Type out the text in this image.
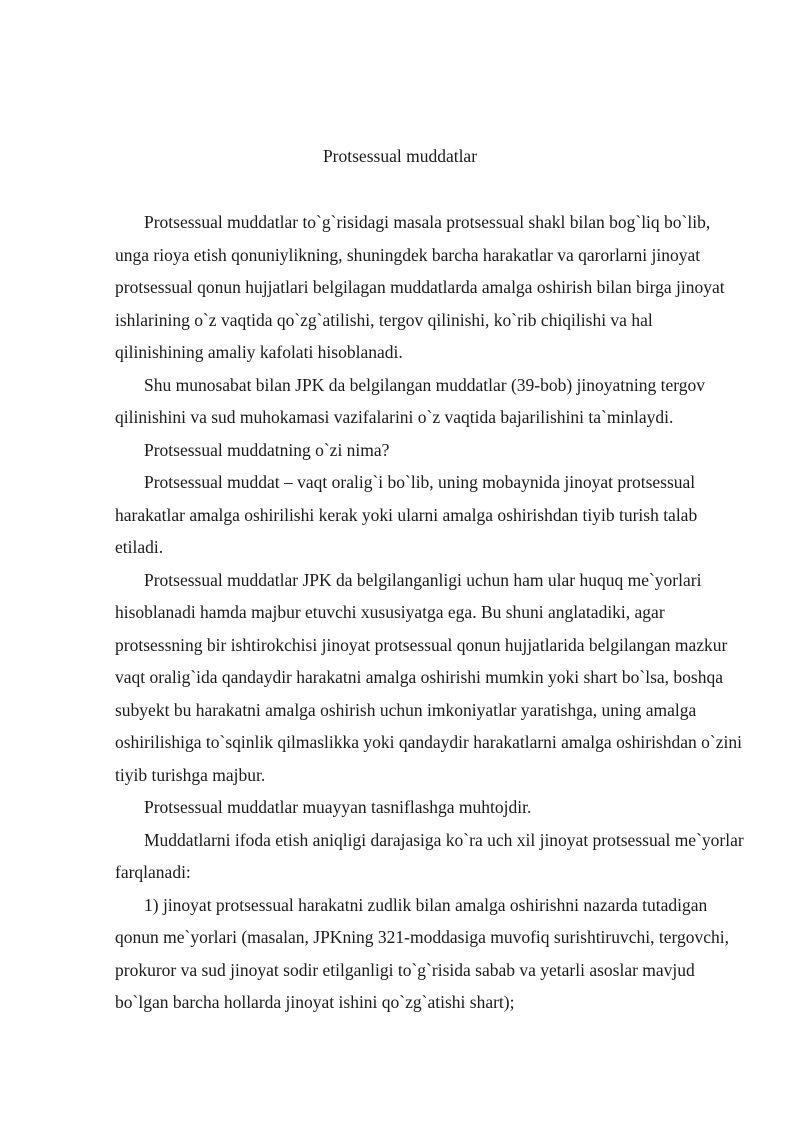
Protsessual muddatlar

Protsessual muddatlar to`g`risidagi masala protsessual shakl bilan bog`liq bo`lib, unga rioya etish qonuniylikning, shuningdek barcha harakatlar va qarorlarni jinoyat protsessual qonun hujjatlari belgilagan muddatlarda amalga oshirish bilan birga jinoyat ishlarining o`z vaqtida qo`zg`atilishi, tergov qilinishi, ko`rib chiqilishi va hal qilinishining amaliy kafolati hisoblanadi.

Shu munosabat bilan JPK da belgilangan muddatlar (39-bob) jinoyatning tergov qilinishini va sud muhokamasi vazifalarini o`z vaqtida bajarilishini ta`minlaydi.

Protsessual muddatning o`zi nima?

Protsessual muddat – vaqt oralig`i bo`lib, uning mobaynida jinoyat protsessual harakatlar amalga oshirilishi kerak yoki ularni amalga oshirishdan tiyib turish talab etiladi.

Protsessual muddatlar JPK da belgilanganligi uchun ham ular huquq me`yorlari hisoblanadi hamda majbur etuvchi xususiyatga ega. Bu shuni anglatadiki, agar protsessning bir ishtirokchisi jinoyat protsessual qonun hujjatlarida belgilangan mazkur vaqt oralig`ida qandaydir harakatni amalga oshirishi mumkin yoki shart bo`lsa, boshqa subyekt bu harakatni amalga oshirish uchun imkoniyatlar yaratishga, uning amalga oshirilishiga to`sqinlik qilmaslikka yoki qandaydir harakatlarni amalga oshirishdan o`zini tiyib turishga majbur.

Protsessual muddatlar muayyan tasniflashga muhtojdir.

Muddatlarni ifoda etish aniqligi darajasiga ko`ra uch xil jinoyat protsessual me`yorlar farqlanadi:

1) jinoyat protsessual harakatni zudlik bilan amalga oshirishni nazarda tutadigan qonun me`yorlari (masalan, JPKning 321-moddasiga muvofiq surishtiruvchi, tergovchi, prokuror va sud jinoyat sodir etilganligi to`g`risida sabab va yetarli asoslar mavjud bo`lgan barcha hollarda jinoyat ishini qo`zg`atishi shart);
